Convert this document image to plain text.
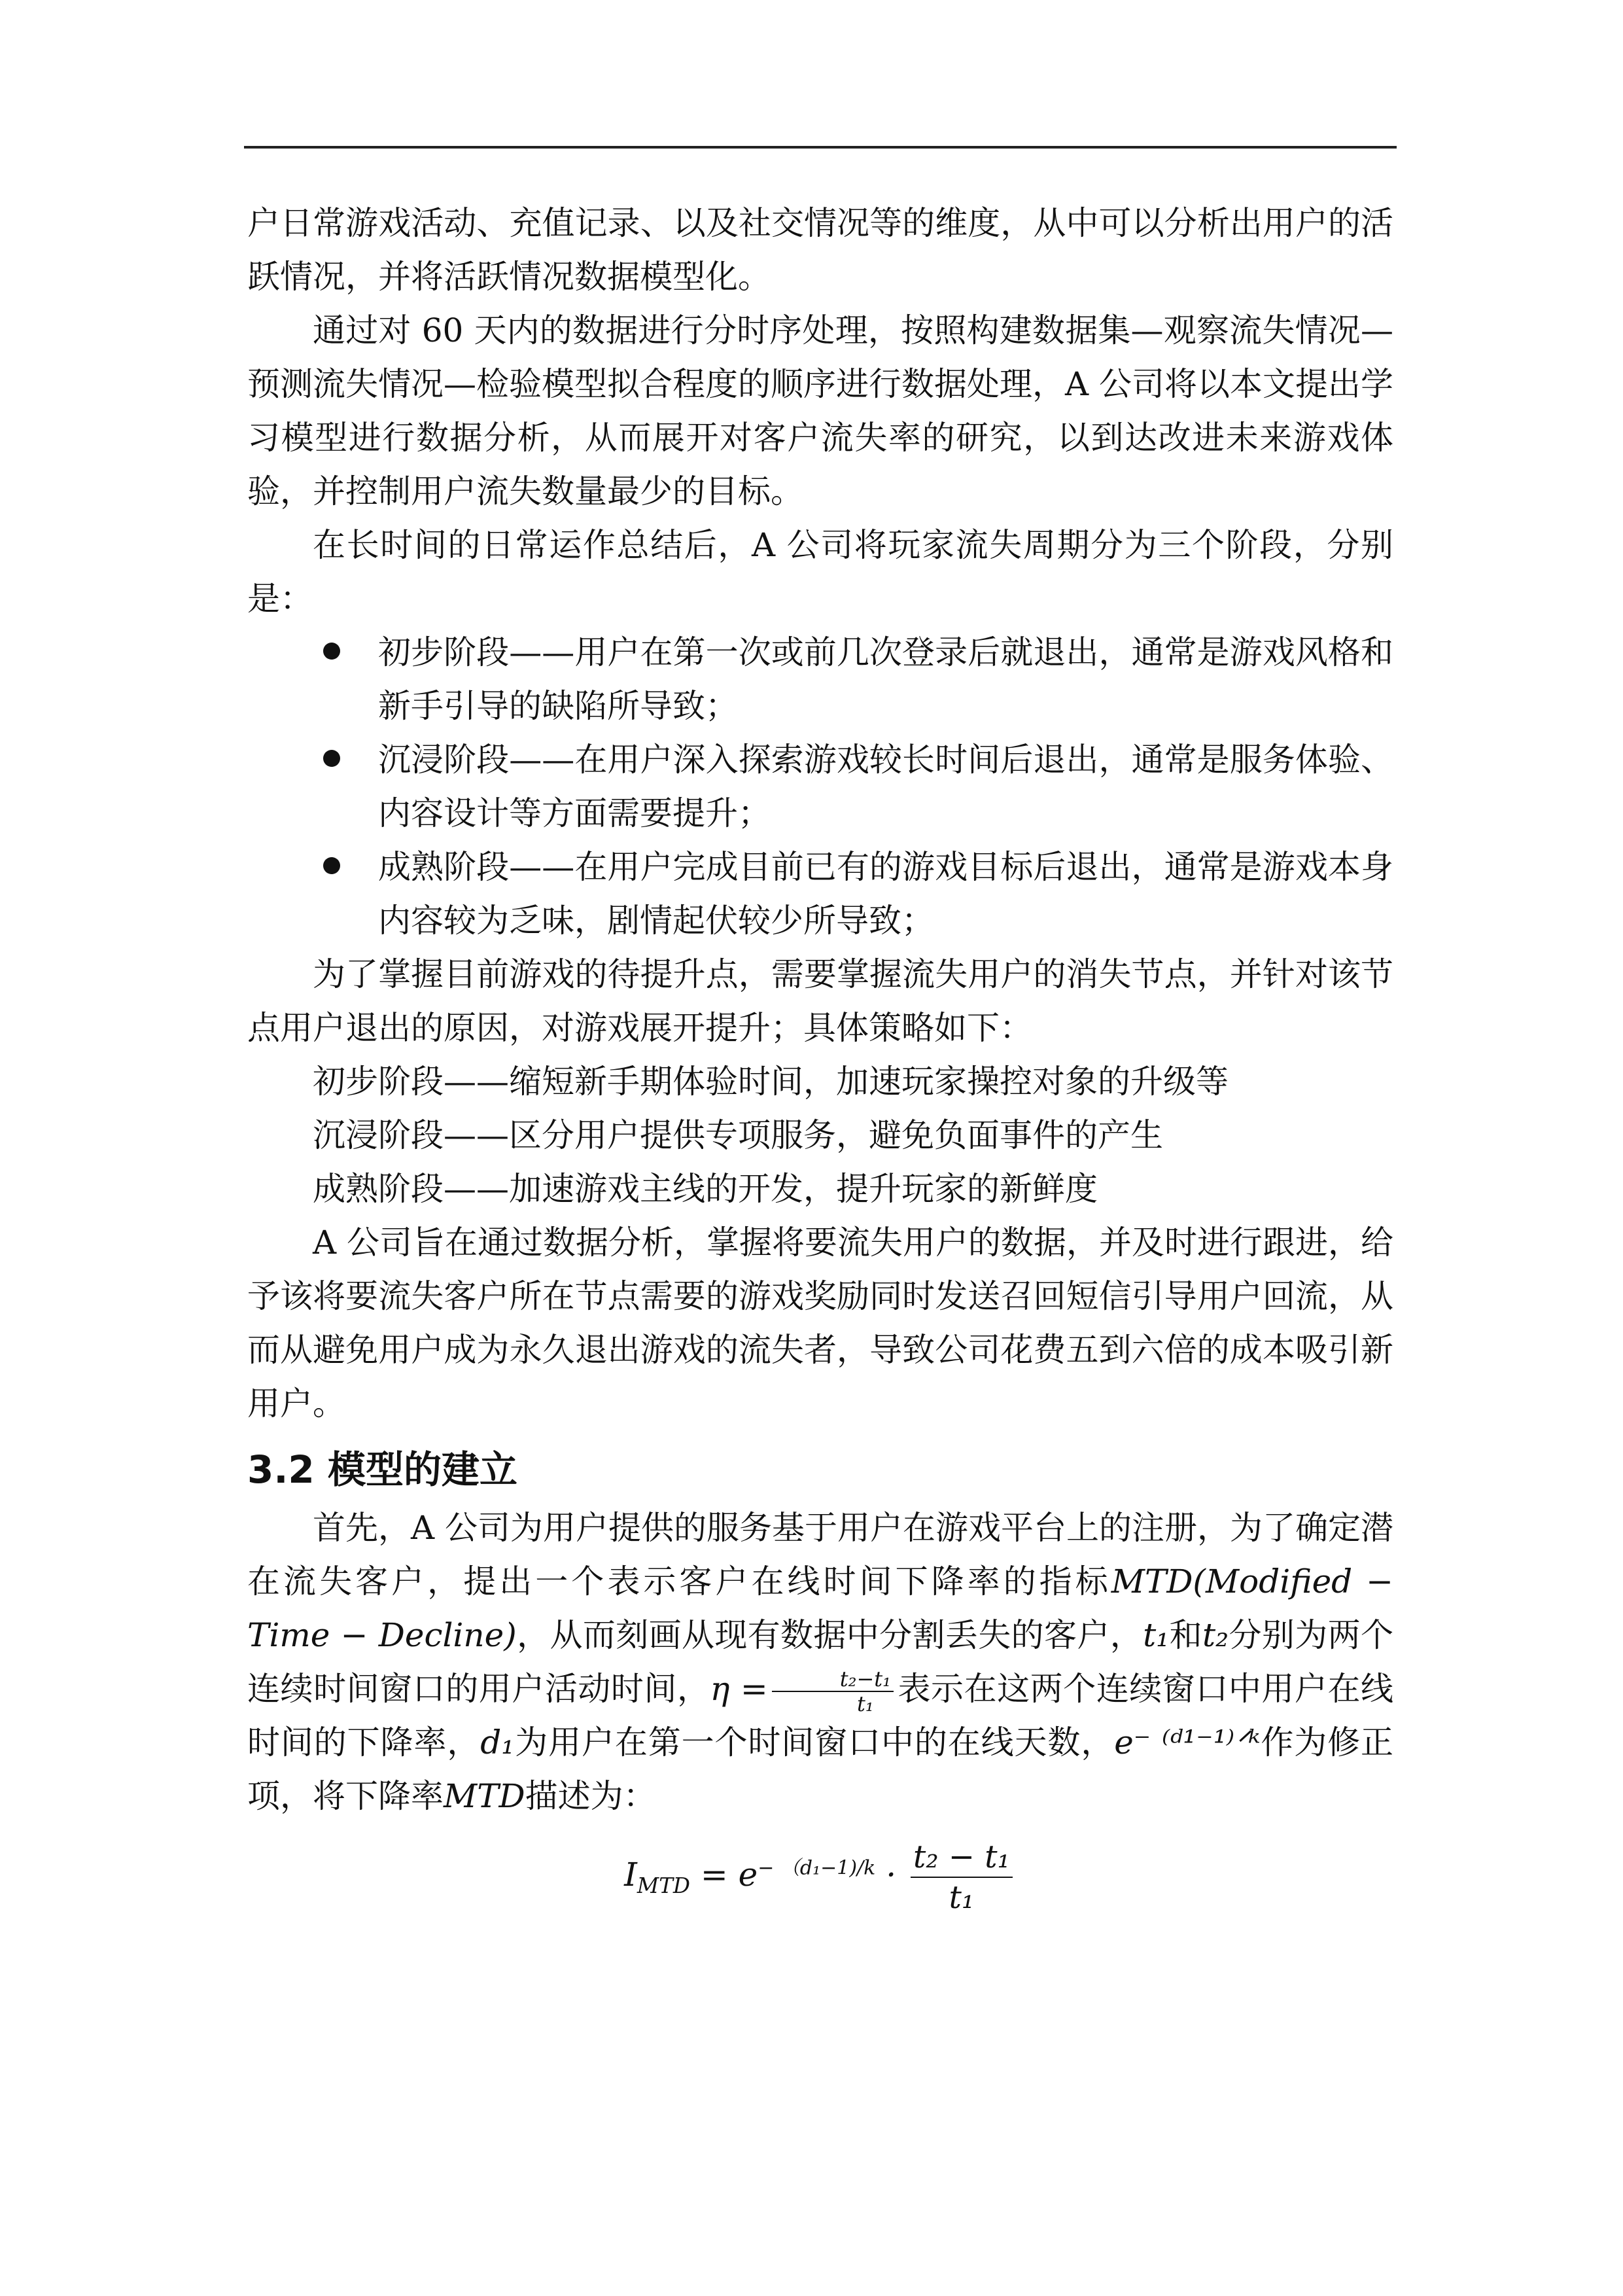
户日常游戏活动、充值记录、以及社交情况等的维度，从中可以分析出用户的活跃情况，并将活跃情况数据模型化。

通过对 60 天内的数据进行分时序处理，按照构建数据集—观察流失情况—预测流失情况—检验模型拟合程度的顺序进行数据处理，A 公司将以本文提出学习模型进行数据分析，从而展开对客户流失率的研究，以到达改进未来游戏体验，并控制用户流失数量最少的目标。

在长时间的日常运作总结后，A 公司将玩家流失周期分为三个阶段，分别是：

初步阶段——用户在第一次或前几次登录后就退出，通常是游戏风格和新手引导的缺陷所导致；
沉浸阶段——在用户深入探索游戏较长时间后退出，通常是服务体验、内容设计等方面需要提升；
成熟阶段——在用户完成目前已有的游戏目标后退出，通常是游戏本身内容较为乏味，剧情起伏较少所导致；

为了掌握目前游戏的待提升点，需要掌握流失用户的消失节点，并针对该节点用户退出的原因，对游戏展开提升；具体策略如下：

初步阶段——缩短新手期体验时间，加速玩家操控对象的升级等

沉浸阶段——区分用户提供专项服务，避免负面事件的产生

成熟阶段——加速游戏主线的开发，提升玩家的新鲜度

A 公司旨在通过数据分析，掌握将要流失用户的数据，并及时进行跟进，给予该将要流失客户所在节点需要的游戏奖励同时发送召回短信引导用户回流，从而从避免用户成为永久退出游戏的流失者，导致公司花费五到六倍的成本吸引新用户。

3.2 模型的建立

首先，A 公司为用户提供的服务基于用户在游戏平台上的注册，为了确定潜在流失客户，提出一个表示客户在线时间下降率的指标MTD(Modified − Time − Decline)，从而刻画从现有数据中分割丢失的客户，t₁和t₂分别为两个连续时间窗口的用户活动时间，$\eta = \frac{\text{t₂−t₁}}{\text{t₁}}$ 表示在这两个连续窗口中用户在线时间的下降率，d₁为用户在第一个时间窗口中的在线天数，e⁻ ⁽ᵈ¹⁻¹⁾ᐟᵏ作为修正项，将下降率MTD描述为：

$I_{MTD} = e^{- (d_1-1)/k} \cdot \frac{\text{t₂ − t₁}}{\text{t₁}}$
